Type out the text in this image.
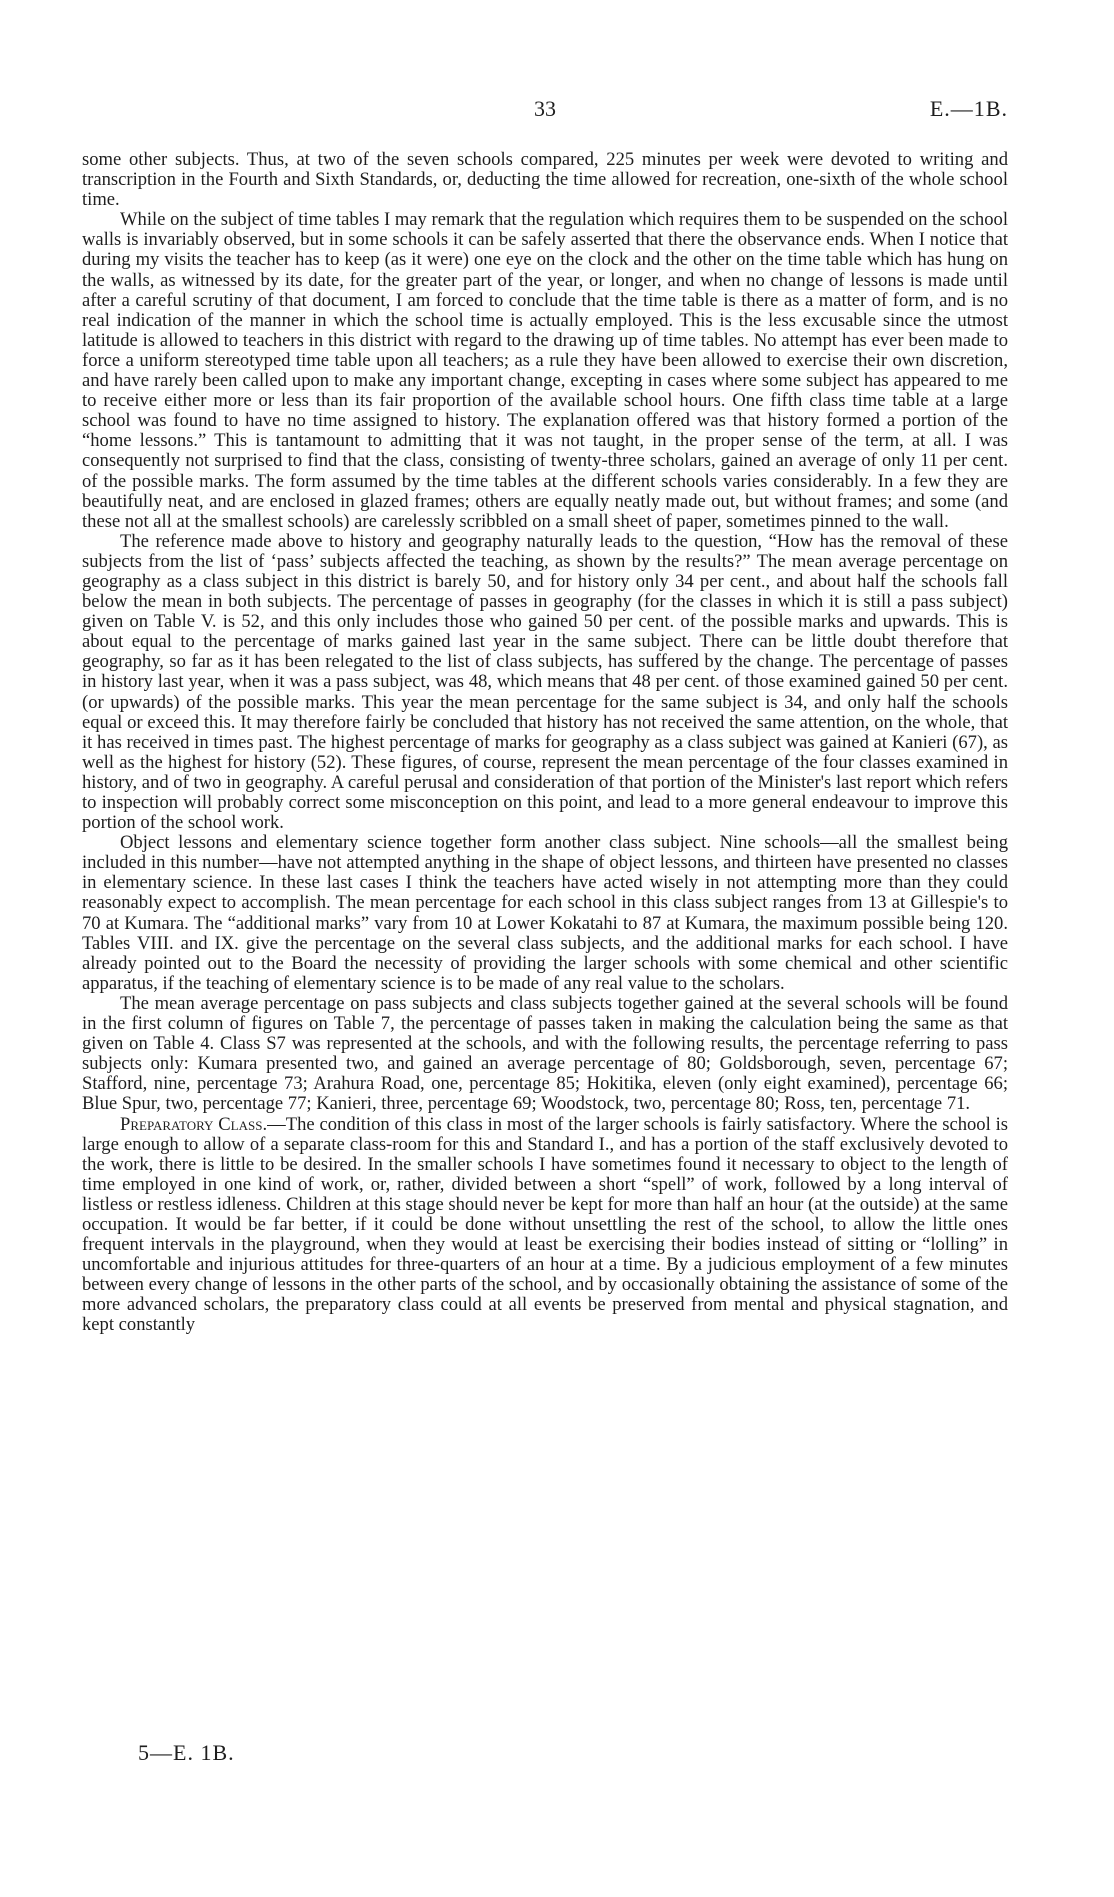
33	E.—1B.

some other subjects. Thus, at two of the seven schools compared, 225 minutes per week were devoted to writing and transcription in the Fourth and Sixth Standards, or, deducting the time allowed for recreation, one-sixth of the whole school time.

While on the subject of time tables I may remark that the regulation which requires them to be suspended on the school walls is invariably observed, but in some schools it can be safely asserted that there the observance ends. When I notice that during my visits the teacher has to keep (as it were) one eye on the clock and the other on the time table which has hung on the walls, as witnessed by its date, for the greater part of the year, or longer, and when no change of lessons is made until after a careful scrutiny of that document, I am forced to conclude that the time table is there as a matter of form, and is no real indication of the manner in which the school time is actually employed. This is the less excusable since the utmost latitude is allowed to teachers in this district with regard to the drawing up of time tables. No attempt has ever been made to force a uniform stereotyped time table upon all teachers; as a rule they have been allowed to exercise their own discretion, and have rarely been called upon to make any important change, excepting in cases where some subject has appeared to me to receive either more or less than its fair proportion of the available school hours. One fifth class time table at a large school was found to have no time assigned to history. The explanation offered was that history formed a portion of the “home lessons.” This is tantamount to admitting that it was not taught, in the proper sense of the term, at all. I was consequently not surprised to find that the class, consisting of twenty-three scholars, gained an average of only 11 per cent. of the possible marks. The form assumed by the time tables at the different schools varies considerably. In a few they are beautifully neat, and are enclosed in glazed frames; others are equally neatly made out, but without frames; and some (and these not all at the smallest schools) are carelessly scribbled on a small sheet of paper, sometimes pinned to the wall.

The reference made above to history and geography naturally leads to the question, “How has the removal of these subjects from the list of ‘pass’ subjects affected the teaching, as shown by the results?” The mean average percentage on geography as a class subject in this district is barely 50, and for history only 34 per cent., and about half the schools fall below the mean in both subjects. The percentage of passes in geography (for the classes in which it is still a pass subject) given on Table V. is 52, and this only includes those who gained 50 per cent. of the possible marks and upwards. This is about equal to the percentage of marks gained last year in the same subject. There can be little doubt therefore that geography, so far as it has been relegated to the list of class subjects, has suffered by the change. The percentage of passes in history last year, when it was a pass subject, was 48, which means that 48 per cent. of those examined gained 50 per cent. (or upwards) of the possible marks. This year the mean percentage for the same subject is 34, and only half the schools equal or exceed this. It may therefore fairly be concluded that history has not received the same attention, on the whole, that it has received in times past. The highest percentage of marks for geography as a class subject was gained at Kanieri (67), as well as the highest for history (52). These figures, of course, represent the mean percentage of the four classes examined in history, and of two in geography. A careful perusal and consideration of that portion of the Minister's last report which refers to inspection will probably correct some misconception on this point, and lead to a more general endeavour to improve this portion of the school work.

Object lessons and elementary science together form another class subject. Nine schools—all the smallest being included in this number—have not attempted anything in the shape of object lessons, and thirteen have presented no classes in elementary science. In these last cases I think the teachers have acted wisely in not attempting more than they could reasonably expect to accomplish. The mean percentage for each school in this class subject ranges from 13 at Gillespie's to 70 at Kumara. The “additional marks” vary from 10 at Lower Kokatahi to 87 at Kumara, the maximum possible being 120. Tables VIII. and IX. give the percentage on the several class subjects, and the additional marks for each school. I have already pointed out to the Board the necessity of providing the larger schools with some chemical and other scientific apparatus, if the teaching of elementary science is to be made of any real value to the scholars.

The mean average percentage on pass subjects and class subjects together gained at the several schools will be found in the first column of figures on Table 7, the percentage of passes taken in making the calculation being the same as that given on Table 4. Class S7 was represented at the schools, and with the following results, the percentage referring to pass subjects only: Kumara presented two, and gained an average percentage of 80; Goldsborough, seven, percentage 67; Stafford, nine, percentage 73; Arahura Road, one, percentage 85; Hokitika, eleven (only eight examined), percentage 66; Blue Spur, two, percentage 77; Kanieri, three, percentage 69; Woodstock, two, percentage 80; Ross, ten, percentage 71.

Preparatory Class.—The condition of this class in most of the larger schools is fairly satisfactory. Where the school is large enough to allow of a separate class-room for this and Standard I., and has a portion of the staff exclusively devoted to the work, there is little to be desired. In the smaller schools I have sometimes found it necessary to object to the length of time employed in one kind of work, or, rather, divided between a short “spell” of work, followed by a long interval of listless or restless idleness. Children at this stage should never be kept for more than half an hour (at the outside) at the same occupation. It would be far better, if it could be done without unsettling the rest of the school, to allow the little ones frequent intervals in the playground, when they would at least be exercising their bodies instead of sitting or “lolling” in uncomfortable and injurious attitudes for three-quarters of an hour at a time. By a judicious employment of a few minutes between every change of lessons in the other parts of the school, and by occasionally obtaining the assistance of some of the more advanced scholars, the preparatory class could at all events be preserved from mental and physical stagnation, and kept constantly

5—E. 1B.
